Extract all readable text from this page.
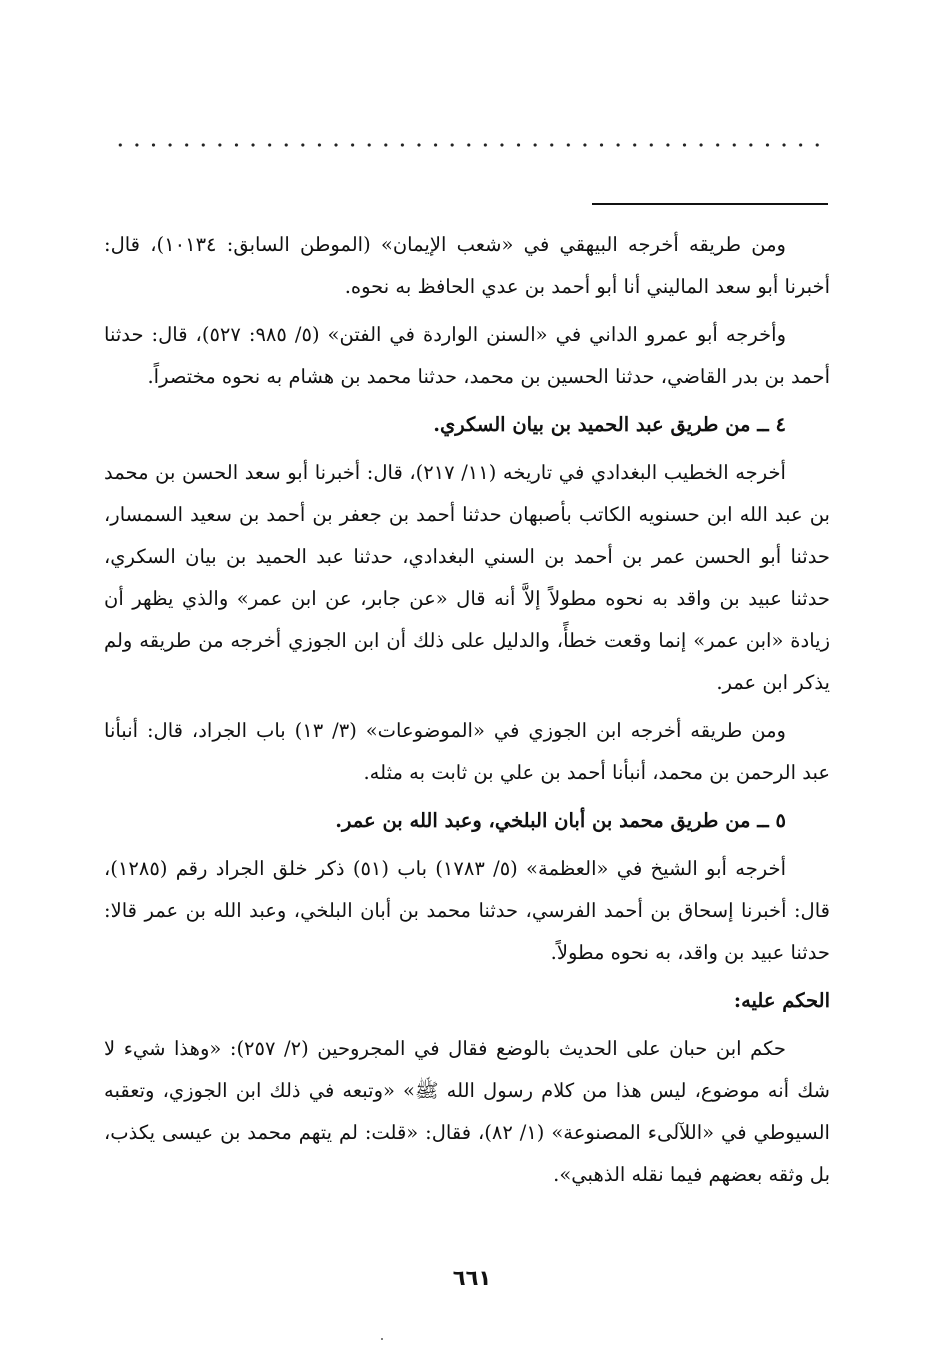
ومن طريقه أخرجه البيهقي في «شعب الإيمان» (الموطن السابق: ١٠١٣٤)، قال: أخبرنا أبو سعد الماليني أنا أبو أحمد بن عدي الحافظ به نحوه.

وأخرجه أبو عمرو الداني في «السنن الواردة في الفتن» (٥/ ٩٨٥: ٥٢٧)، قال: حدثنا أحمد بن بدر القاضي، حدثنا الحسين بن محمد، حدثنا محمد بن هشام به نحوه مختصراً.

٤ ــ من طريق عبد الحميد بن بيان السكري.

أخرجه الخطيب البغدادي في تاريخه (١١/ ٢١٧)، قال: أخبرنا أبو سعد الحسن بن محمد بن عبد الله ابن حسنويه الكاتب بأصبهان حدثنا أحمد بن جعفر بن أحمد بن سعيد السمسار، حدثنا أبو الحسن عمر بن أحمد بن السني البغدادي، حدثنا عبد الحميد بن بيان السكري، حدثنا عبيد بن واقد به نحوه مطولاً إلاَّ أنه قال «عن جابر، عن ابن عمر» والذي يظهر أن زيادة «ابن عمر» إنما وقعت خطأً، والدليل على ذلك أن ابن الجوزي أخرجه من طريقه ولم يذكر ابن عمر.

ومن طريقه أخرجه ابن الجوزي في «الموضوعات» (٣/ ١٣) باب الجراد، قال: أنبأنا عبد الرحمن بن محمد، أنبأنا أحمد بن علي بن ثابت به مثله.

٥ ــ من طريق محمد بن أبان البلخي، وعبد الله بن عمر.

أخرجه أبو الشيخ في «العظمة» (٥/ ١٧٨٣) باب (٥١) ذكر خلق الجراد رقم (١٢٨٥)، قال: أخبرنا إسحاق بن أحمد الفرسي، حدثنا محمد بن أبان البلخي، وعبد الله بن عمر قالا: حدثنا عبيد بن واقد، به نحوه مطولاً.

الحكم عليه:

حكم ابن حبان على الحديث بالوضع فقال في المجروحين (٢/ ٢٥٧): «وهذا شيء لا شك أنه موضوع، ليس هذا من كلام رسول الله ﷺ» «وتبعه في ذلك ابن الجوزي، وتعقبه السيوطي في «اللآلىء المصنوعة» (١/ ٨٢)، فقال: «قلت: لم يتهم محمد بن عيسى يكذب، بل وثقه بعضهم فيما نقله الذهبي».

٦٦١
